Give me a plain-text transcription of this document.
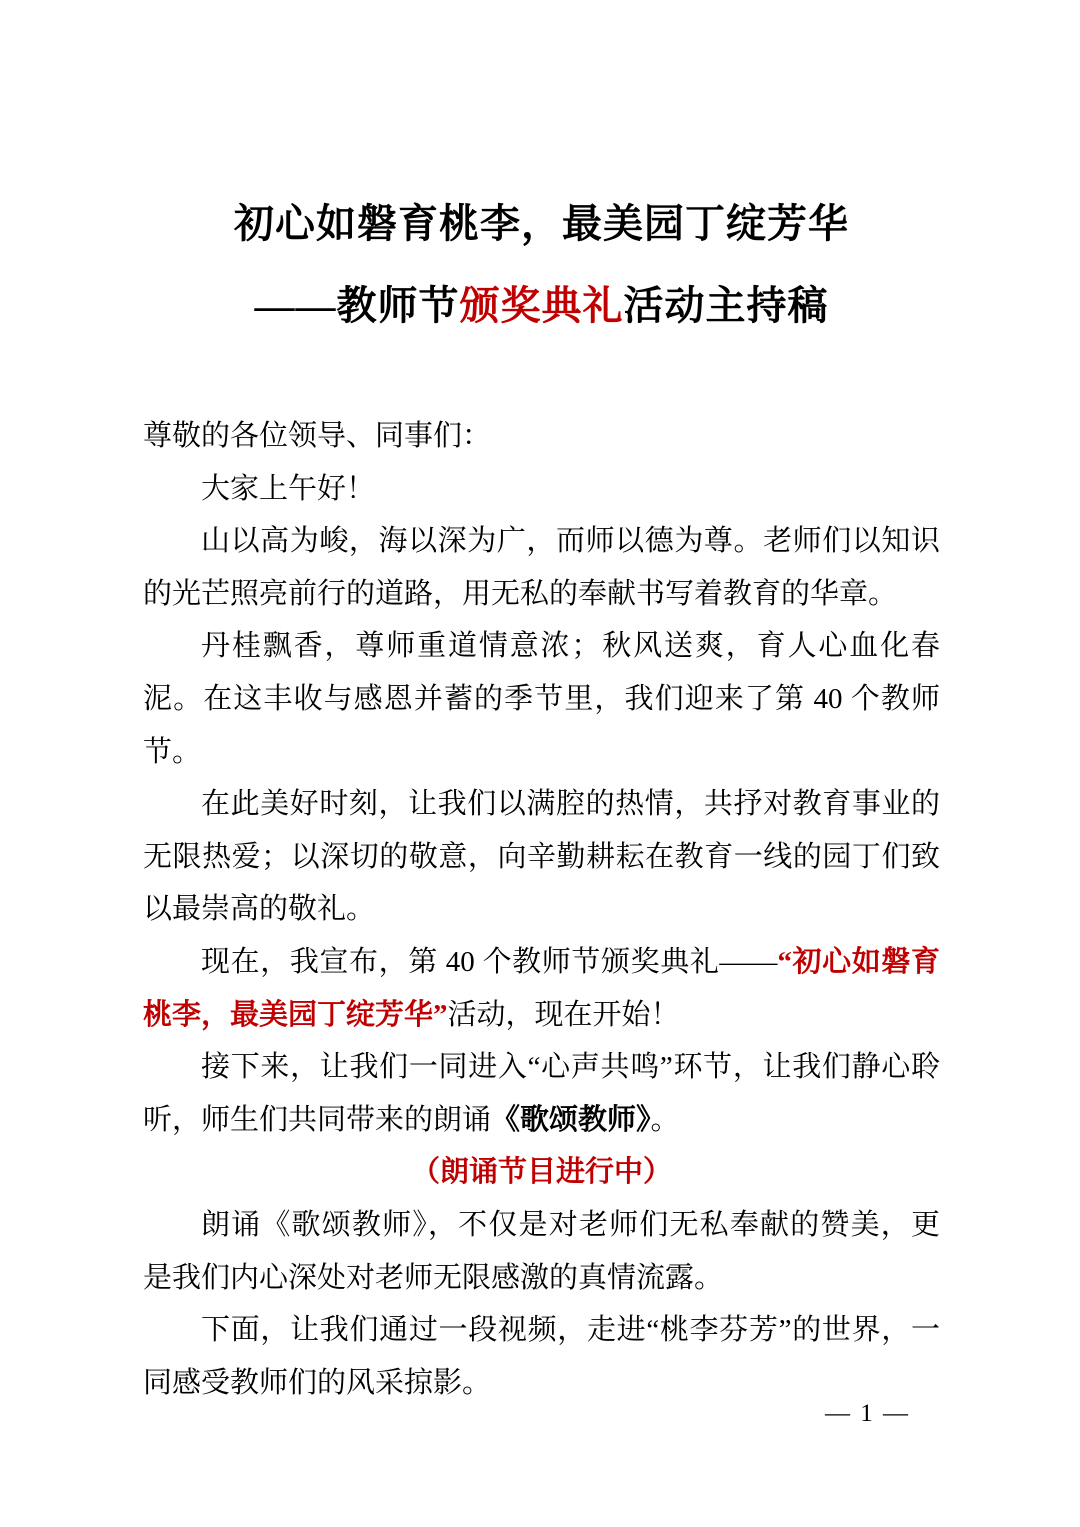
初心如磐育桃李，最美园丁绽芳华
——教师节颁奖典礼活动主持稿

尊敬的各位领导、同事们：

大家上午好！

山以高为峻，海以深为广，而师以德为尊。老师们以知识的光芒照亮前行的道路，用无私的奉献书写着教育的华章。

丹桂飘香，尊师重道情意浓；秋风送爽，育人心血化春泥。在这丰收与感恩并蓄的季节里，我们迎来了第 40 个教师节。

在此美好时刻，让我们以满腔的热情，共抒对教育事业的无限热爱；以深切的敬意，向辛勤耕耘在教育一线的园丁们致以最崇高的敬礼。

现在，我宣布，第 40 个教师节颁奖典礼——“初心如磐育桃李，最美园丁绽芳华”活动，现在开始！

接下来，让我们一同进入“心声共鸣”环节，让我们静心聆听，师生们共同带来的朗诵《歌颂教师》。

（朗诵节目进行中）

朗诵《歌颂教师》，不仅是对老师们无私奉献的赞美，更是我们内心深处对老师无限感激的真情流露。

下面，让我们通过一段视频，走进“桃李芬芳”的世界，一同感受教师们的风采掠影。

— 1 —
